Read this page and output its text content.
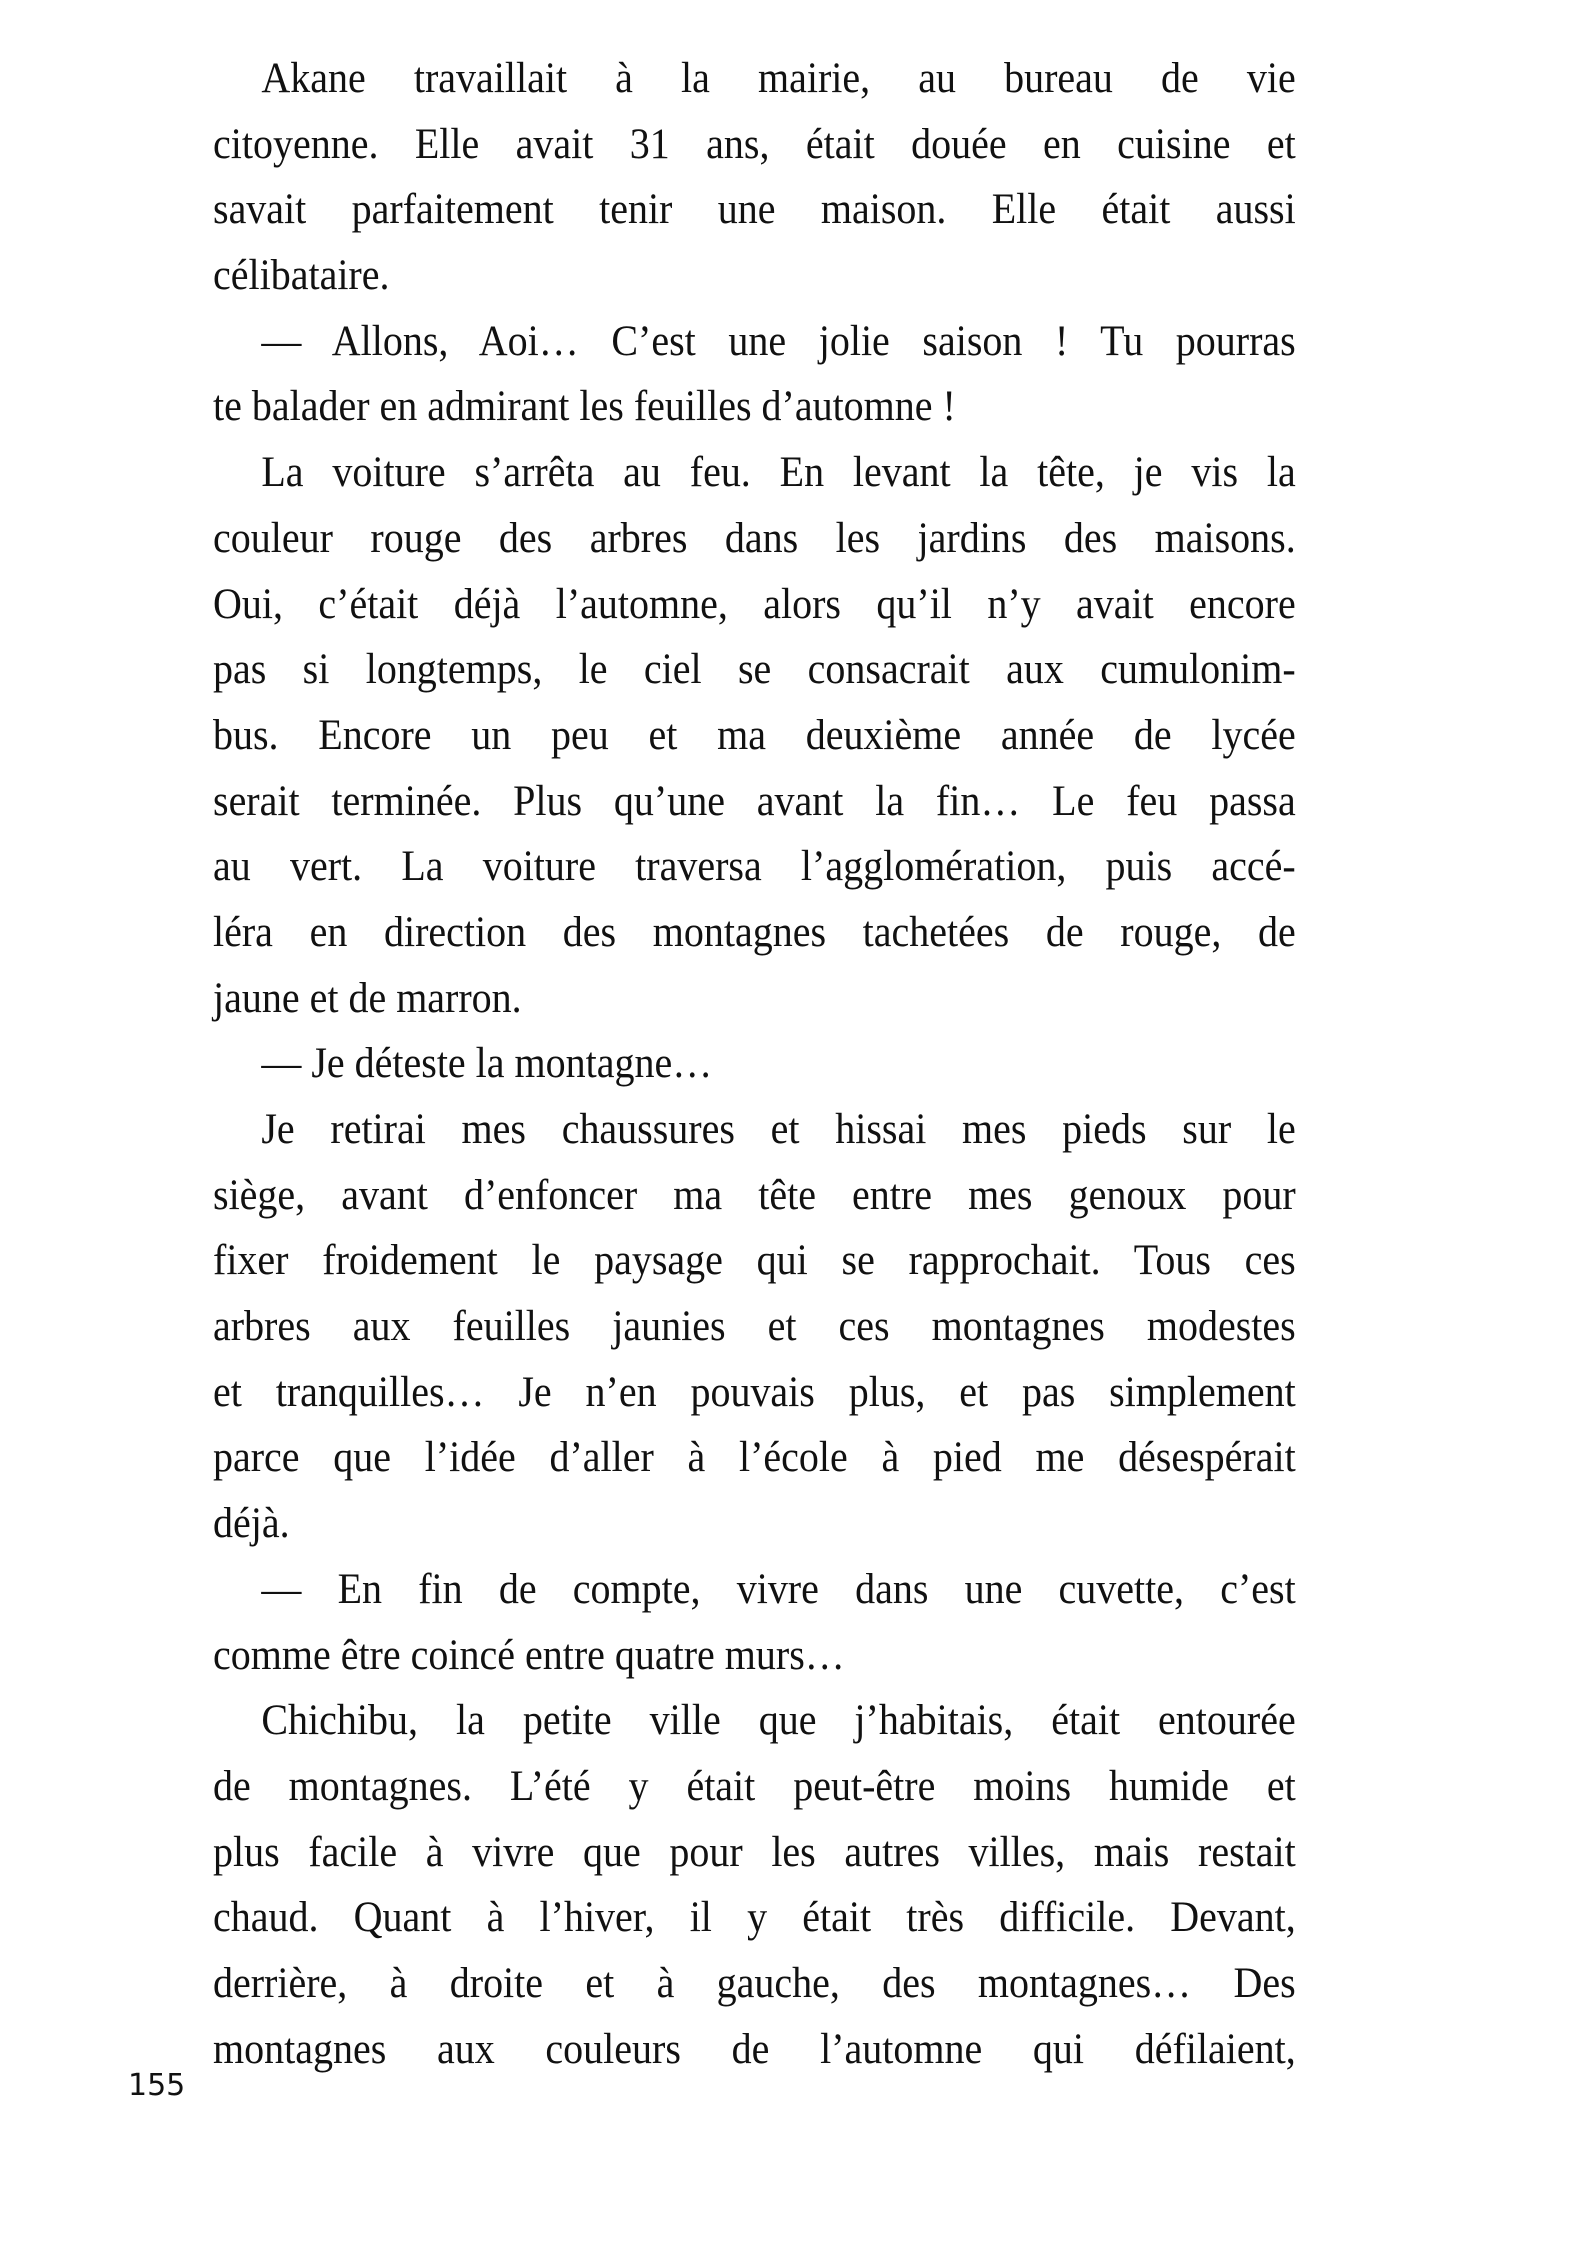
Akane travaillait à la mairie, au bureau de vie
citoyenne. Elle avait 31 ans, était douée en cuisine et
savait parfaitement tenir une maison. Elle était aussi
célibataire.
— Allons, Aoi… C’est une jolie saison ! Tu pourras
te balader en admirant les feuilles d’automne !
La voiture s’arrêta au feu. En levant la tête, je vis la
couleur rouge des arbres dans les jardins des maisons.
Oui, c’était déjà l’automne, alors qu’il n’y avait encore
pas si longtemps, le ciel se consacrait aux cumulonim-
bus. Encore un peu et ma deuxième année de lycée
serait terminée. Plus qu’une avant la fin… Le feu passa
au vert. La voiture traversa l’agglomération, puis accé-
léra en direction des montagnes tachetées de rouge, de
jaune et de marron.
— Je déteste la montagne…
Je retirai mes chaussures et hissai mes pieds sur le
siège, avant d’enfoncer ma tête entre mes genoux pour
fixer froidement le paysage qui se rapprochait. Tous ces
arbres aux feuilles jaunies et ces montagnes modestes
et tranquilles… Je n’en pouvais plus, et pas simplement
parce que l’idée d’aller à l’école à pied me désespérait
déjà.
— En fin de compte, vivre dans une cuvette, c’est
comme être coincé entre quatre murs…
Chichibu, la petite ville que j’habitais, était entourée
de montagnes. L’été y était peut-être moins humide et
plus facile à vivre que pour les autres villes, mais restait
chaud. Quant à l’hiver, il y était très difficile. Devant,
derrière, à droite et à gauche, des montagnes… Des
montagnes aux couleurs de l’automne qui défilaient,
155
